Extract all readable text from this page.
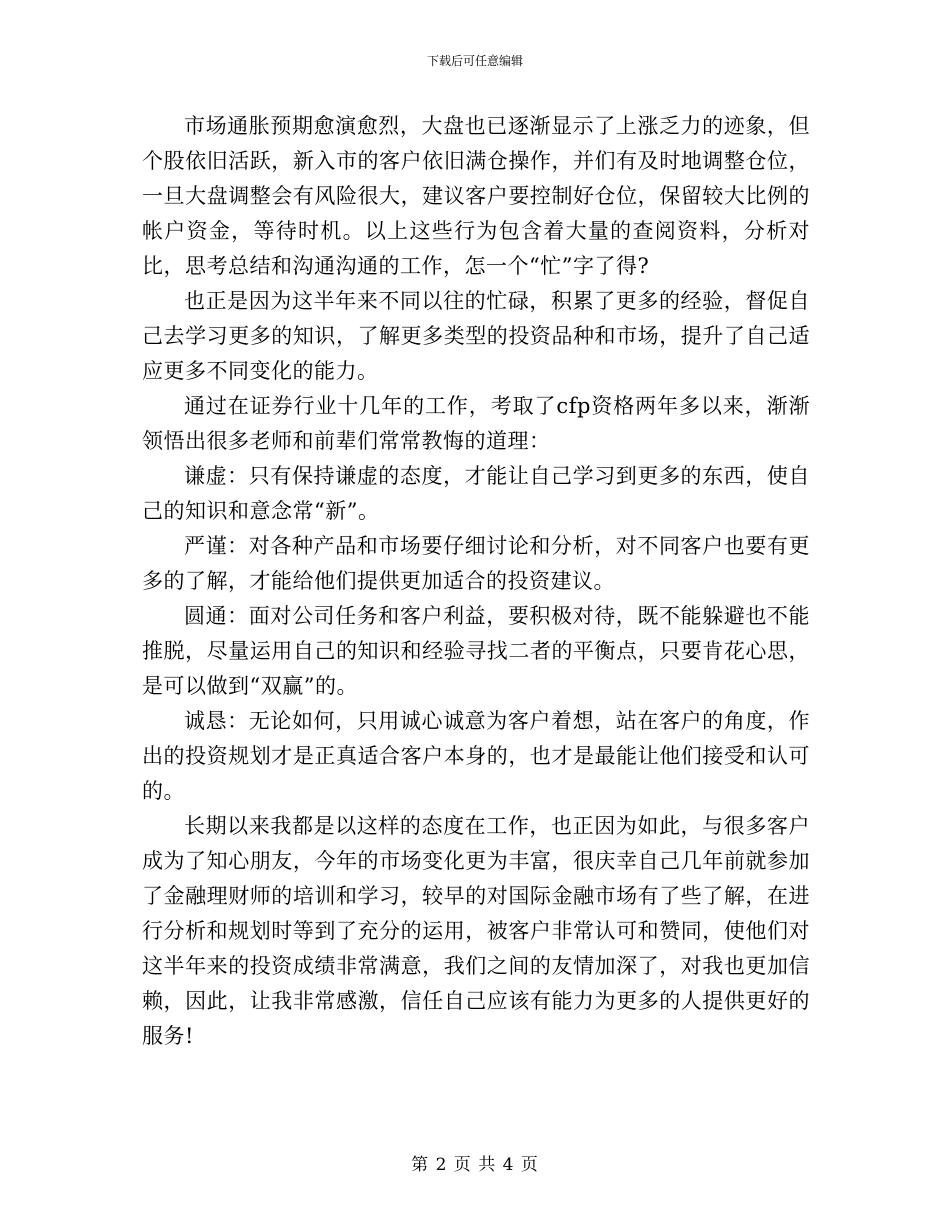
下载后可任意编辑

市场通胀预期愈演愈烈，大盘也已逐渐显示了上涨乏力的迹象，但个股依旧活跃，新入市的客户依旧满仓操作，并们有及时地调整仓位，一旦大盘调整会有风险很大，建议客户要控制好仓位，保留较大比例的帐户资金，等待时机。以上这些行为包含着大量的查阅资料，分析对比，思考总结和沟通沟通的工作，怎一个“忙”字了得?

也正是因为这半年来不同以往的忙碌，积累了更多的经验，督促自己去学习更多的知识，了解更多类型的投资品种和市场，提升了自己适应更多不同变化的能力。

通过在证券行业十几年的工作，考取了cfp资格两年多以来，渐渐领悟出很多老师和前辈们常常教悔的道理：

谦虚：只有保持谦虚的态度，才能让自己学习到更多的东西，使自己的知识和意念常“新”。

严谨：对各种产品和市场要仔细讨论和分析，对不同客户也要有更多的了解，才能给他们提供更加适合的投资建议。

圆通：面对公司任务和客户利益，要积极对待，既不能躲避也不能推脱，尽量运用自己的知识和经验寻找二者的平衡点，只要肯花心思，是可以做到“双赢”的。

诚恳：无论如何，只用诚心诚意为客户着想，站在客户的角度，作出的投资规划才是正真适合客户本身的，也才是最能让他们接受和认可的。

长期以来我都是以这样的态度在工作，也正因为如此，与很多客户成为了知心朋友，今年的市场变化更为丰富，很庆幸自己几年前就参加了金融理财师的培训和学习，较早的对国际金融市场有了些了解，在进行分析和规划时等到了充分的运用，被客户非常认可和赞同，使他们对这半年来的投资成绩非常满意，我们之间的友情加深了，对我也更加信赖，因此，让我非常感激，信任自己应该有能力为更多的人提供更好的服务!

第 2 页 共 4 页
